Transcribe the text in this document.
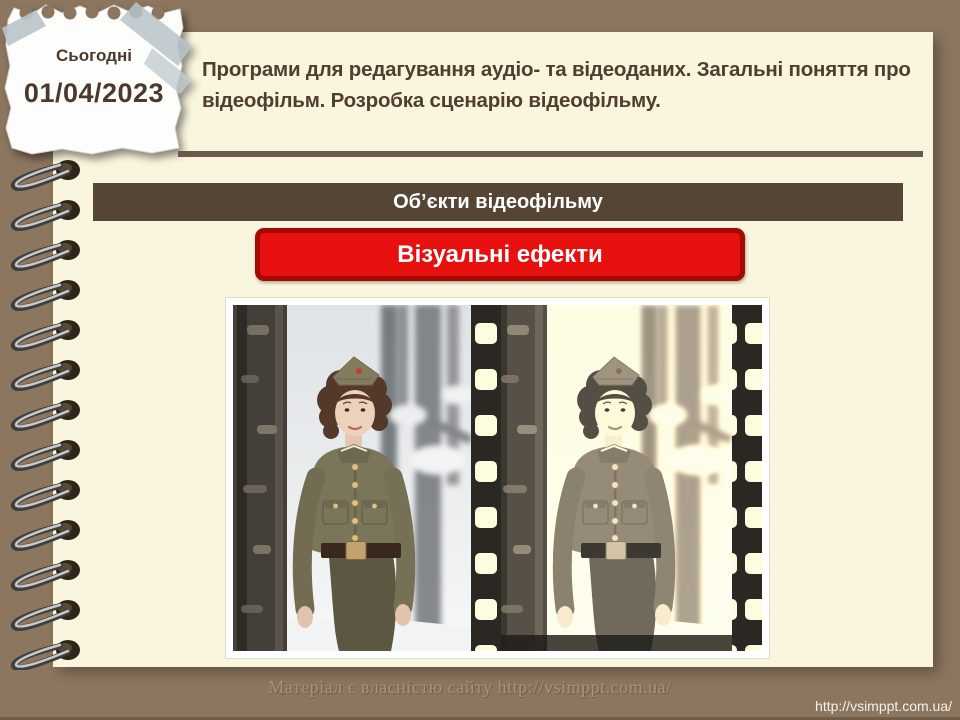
Сьогодні
01/04/2023
Програми для редагування аудіо- та відеоданих. Загальні поняття про відеофільм. Розробка сценарію відеофільму.
Об’єкти відеофільму
Візуальні ефекти
Матеріал є власністю сайту http://vsimppt.com.ua/
http://vsimppt.com.ua/
